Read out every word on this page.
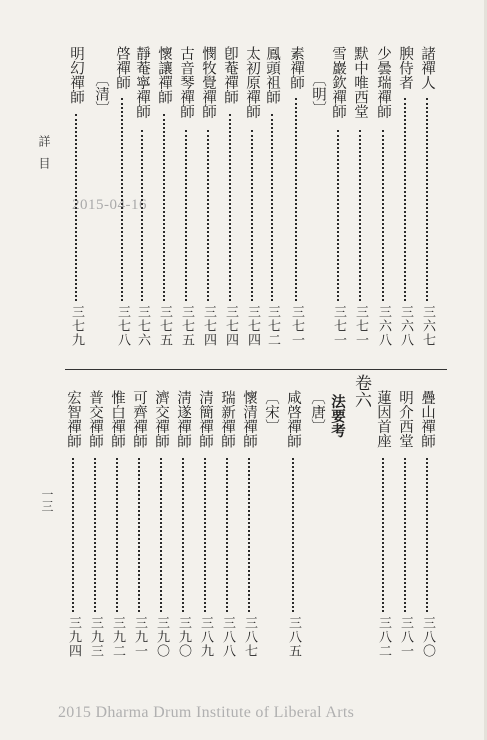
詳目
一三
2015-04-16
諸禪人
三六七
腴侍者
三六八
少曇瑞禪師
三六八
默中唯西堂
三七一
雪巖欽禪師
三七一
〔明〕
素禪師
三七一
鳳頭祖師
三七二
太初原禪師
三七四
卽菴禪師
三七四
憫牧覺禪師
三七四
古音琴禪師
三七五
懷讓禪師
三七五
靜菴寧禪師
三七六
啓禪師
三七八
〔清〕
明幻禪師
三七九
疊山禪師
三八〇
明介西堂
三八一
蓮因首座
三八二
卷六
法要考
〔唐〕
咸啓禪師
三八五
〔宋〕
懷清禪師
三八七
瑞新禪師
三八八
清簡禪師
三八九
淸遂禪師
三九〇
濟交禪師
三九〇
可齊禪師
三九一
惟白禪師
三九二
普交禪師
三九三
宏智禪師
三九四
2015 Dharma Drum Institute of Liberal Arts
